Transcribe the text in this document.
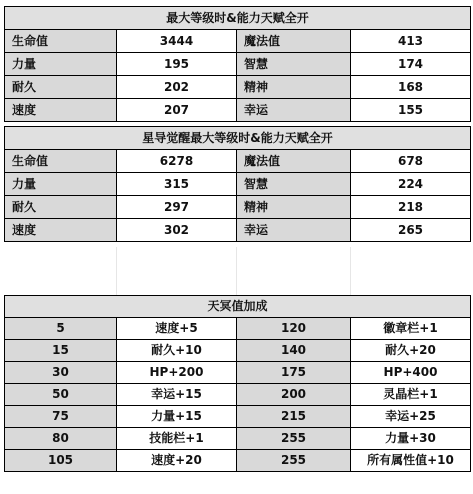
最大等级时&能力天赋全开			
生命值	3444	魔法值	413
力量	195	智慧	174
耐久	202	精神	168
速度	207	幸运	155
星导觉醒最大等级时&能力天赋全开			
生命值	6278	魔法值	678
力量	315	智慧	224
耐久	297	精神	218
速度	302	幸运	265
天冥值加成			
5	速度+5	120	徽章栏+1
15	耐久+10	140	耐久+20
30	HP+200	175	HP+400
50	幸运+15	200	灵晶栏+1
75	力量+15	215	幸运+25
80	技能栏+1	255	力量+30
105	速度+20	255	所有属性值+10
